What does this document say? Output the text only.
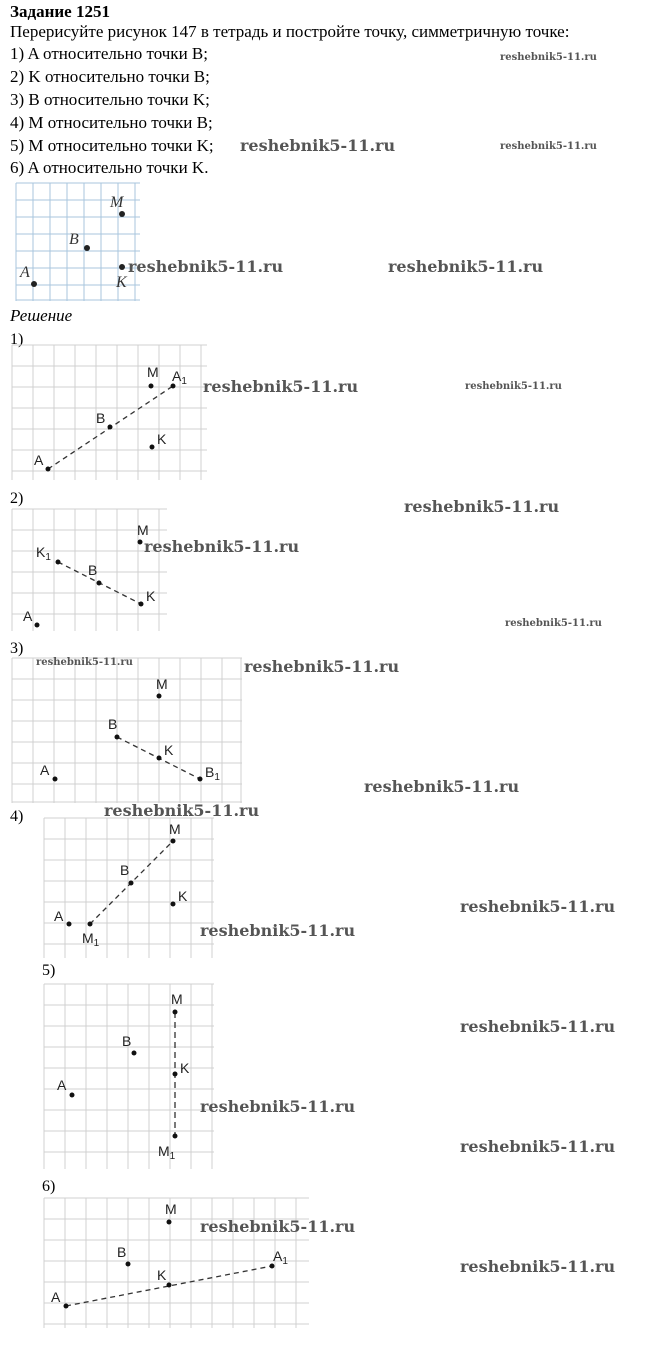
Задание 1251
Перерисуйте рисунок 147 в тетрадь и постройте точку, симметричную точке:
1) A относительно точки B;
2) K относительно точки B;
3) B относительно точки K;
4) M относительно точки B;
5) M относительно точки K;
6) A относительно точки K.
M
B
A
K
Решение
1)
2)
3)
4)
5)
6)
M $A_1$
B
K
A
M
$K_1$
B
K
A
M
B
K
$B_1$
A
M
B
K
A
$M_1$
M
B
K
A
$M_1$
M
B
K
$A_1$
A
reshebnik5-11.ru
reshebnik5-11.ru	reshebnik5-11.ru
reshebnik5-11.ru	reshebnik5-11.ru
reshebnik5-11.ru	reshebnik5-11.ru
reshebnik5-11.ru
reshebnik5-11.ru
reshebnik5-11.ru
reshebnik5-11.ru	reshebnik5-11.ru
reshebnik5-11.ru
reshebnik5-11.ru
reshebnik5-11.ru
reshebnik5-11.ru
reshebnik5-11.ru
reshebnik5-11.ru
reshebnik5-11.ru
reshebnik5-11.ru
reshebnik5-11.ru
